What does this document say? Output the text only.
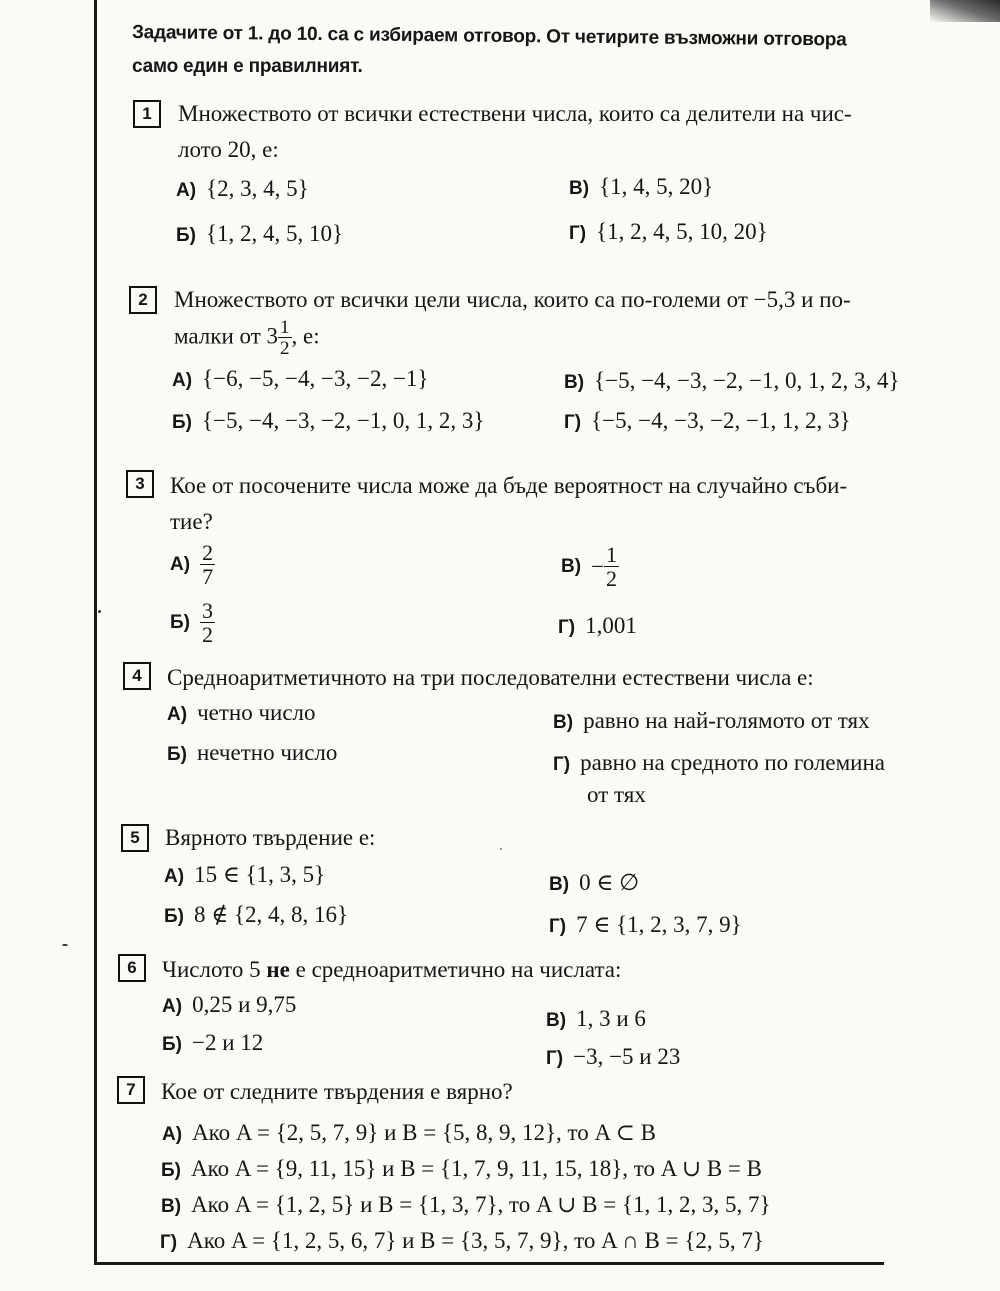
Задачите от 1. до 10. са с избираем отговор. От четирите възможни отговора
само един е правилният.
1	Множеството от всички естествени числа, които са делители на чис-
лото 20, е:
А) {2, 3, 4, 5}
Б) {1, 2, 4, 5, 10}
В) {1, 4, 5, 20}
Г) {1, 2, 4, 5, 10, 20}
2	Множеството от всички цели числа, които са по-големи от −5,3 и по-
малки от $3 \frac{1}{2}$ , е:
А) {−6, −5, −4, −3, −2, −1}
Б) {−5, −4, −3, −2, −1, 0, 1, 2, 3}
В) {−5, −4, −3, −2, −1, 0, 1, 2, 3, 4}
Г) {−5, −4, −3, −2, −1, 1, 2, 3}
3	Кое от посочените числа може да бъде вероятност на случайно съби-
тие?
$А) \frac{2}{7}$
$Б) \frac{3}{2}$
$В) - \frac{1}{2}$
Г) 1,001
4	Средноаритметичното на три последователни естествени числа е:
А) четно число
Б) нечетно число
В) равно на най-голямото от тях
Г) равно на средното по големина
от тях
5	Вярното твърдение е:
А) 15 ∈ {1, 3, 5}
Б) 8 ∉ {2, 4, 8, 16}
В) 0 ∈ ∅
Г) 7 ∈ {1, 2, 3, 7, 9}
6	Числото 5 не е средноаритметично на числата:
А) 0,25 и 9,75
Б) −2 и 12
В) 1, 3 и 6
Г) −3, −5 и 23
7	Кое от следните твърдения е вярно?
А) Ако A = {2, 5, 7, 9} и B = {5, 8, 9, 12}, то A ⊂ B
Б) Ако A = {9, 11, 15} и B = {1, 7, 9, 11, 15, 18}, то A ∪ B = B
В) Ако A = {1, 2, 5} и B = {1, 3, 7}, то A ∪ B = {1, 1, 2, 3, 5, 7}
Г) Ако A = {1, 2, 5, 6, 7} и B = {3, 5, 7, 9}, то A ∩ B = {2, 5, 7}
